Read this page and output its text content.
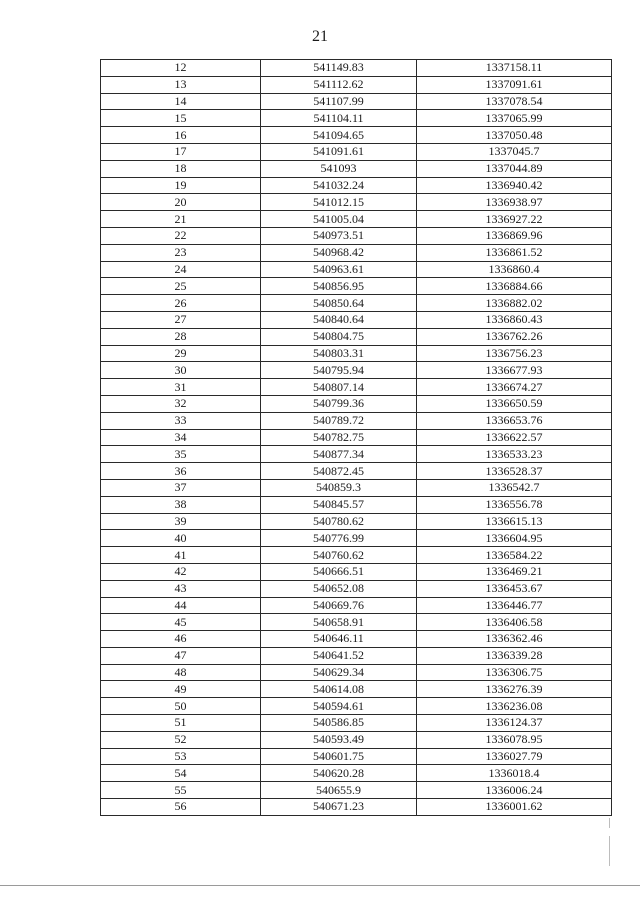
21
12	541149.83	1337158.11
13	541112.62	1337091.61
14	541107.99	1337078.54
15	541104.11	1337065.99
16	541094.65	1337050.48
17	541091.61	1337045.7
18	541093	1337044.89
19	541032.24	1336940.42
20	541012.15	1336938.97
21	541005.04	1336927.22
22	540973.51	1336869.96
23	540968.42	1336861.52
24	540963.61	1336860.4
25	540856.95	1336884.66
26	540850.64	1336882.02
27	540840.64	1336860.43
28	540804.75	1336762.26
29	540803.31	1336756.23
30	540795.94	1336677.93
31	540807.14	1336674.27
32	540799.36	1336650.59
33	540789.72	1336653.76
34	540782.75	1336622.57
35	540877.34	1336533.23
36	540872.45	1336528.37
37	540859.3	1336542.7
38	540845.57	1336556.78
39	540780.62	1336615.13
40	540776.99	1336604.95
41	540760.62	1336584.22
42	540666.51	1336469.21
43	540652.08	1336453.67
44	540669.76	1336446.77
45	540658.91	1336406.58
46	540646.11	1336362.46
47	540641.52	1336339.28
48	540629.34	1336306.75
49	540614.08	1336276.39
50	540594.61	1336236.08
51	540586.85	1336124.37
52	540593.49	1336078.95
53	540601.75	1336027.79
54	540620.28	1336018.4
55	540655.9	1336006.24
56	540671.23	1336001.62
